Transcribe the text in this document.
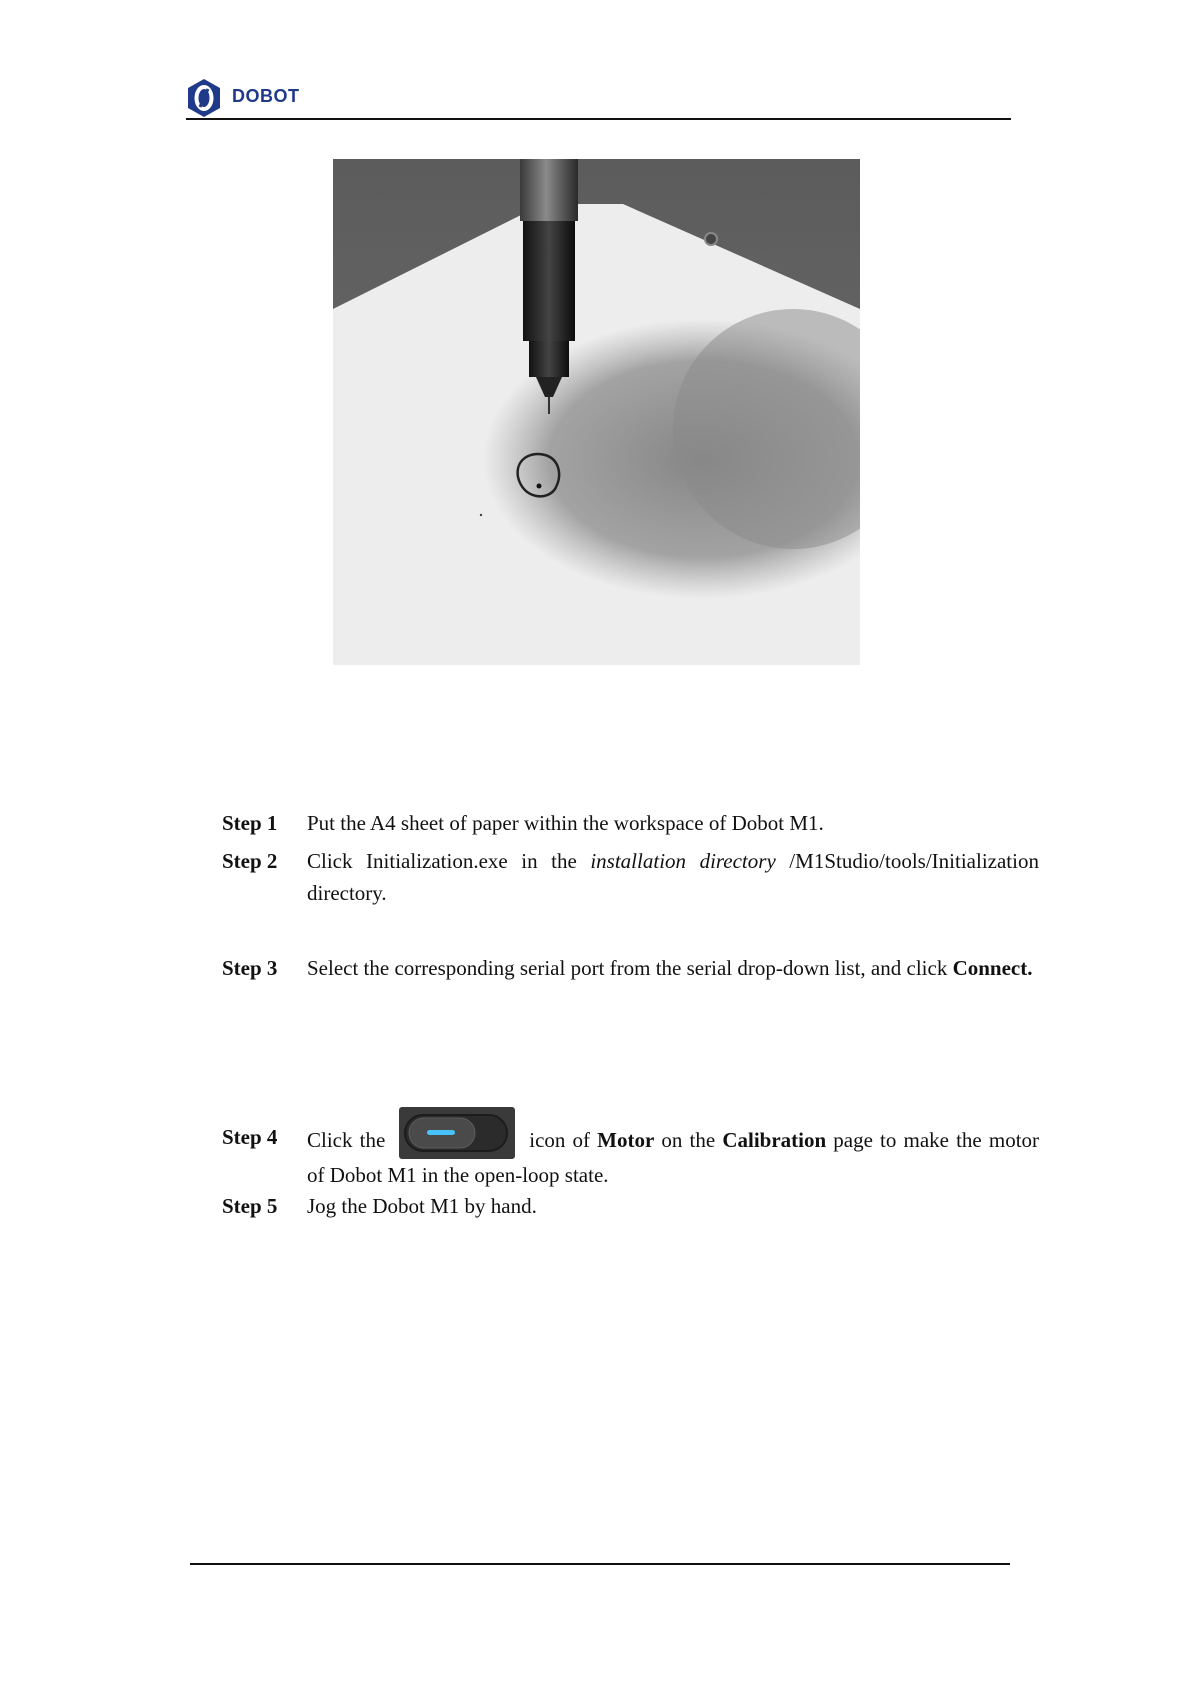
DOBOT
Step 1 Put the A4 sheet of paper within the workspace of Dobot M1.
Step 2 Click Initialization.exe in the installation directory /M1Studio/tools/Initialization directory.
Step 3 Select the corresponding serial port from the serial drop-down list, and click Connect.
Step 4 Click the	icon of Motor on the Calibration page to make the motor of Dobot M1 in the open-loop state.
Step 5 Jog the Dobot M1 by hand.
